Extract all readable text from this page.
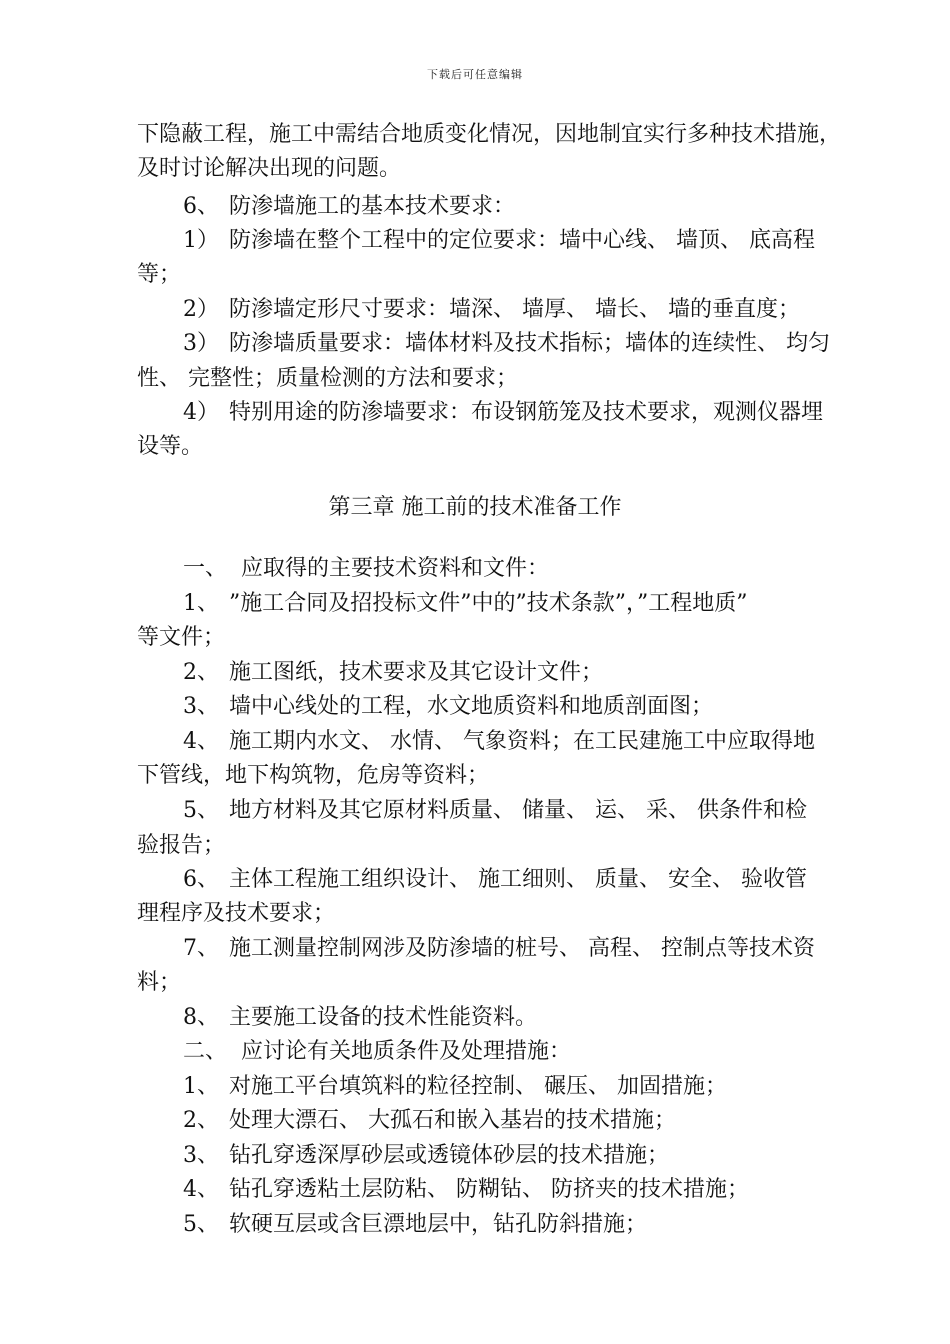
下载后可任意编辑
下隐蔽工程，施工中需结合地质变化情况，因地制宜实行多种技术措施，
及时讨论解决出现的问题。
6、 防渗墙施工的基本技术要求：
1） 防渗墙在整个工程中的定位要求：墙中心线、 墙顶、 底高程
等；
2） 防渗墙定形尺寸要求：墙深、 墙厚、 墙长、 墙的垂直度；
3） 防渗墙质量要求：墙体材料及技术指标；墙体的连续性、 均匀
性、 完整性；质量检测的方法和要求；
4） 特别用途的防渗墙要求：布设钢筋笼及技术要求，观测仪器埋
设等。
第三章 施工前的技术准备工作
一、 应取得的主要技术资料和文件：
1、 ”施工合同及招投标文件”中的”技术条款”，”工程地质”
等文件；
2、 施工图纸，技术要求及其它设计文件；
3、 墙中心线处的工程，水文地质资料和地质剖面图；
4、 施工期内水文、 水情、 气象资料；在工民建施工中应取得地
下管线，地下构筑物，危房等资料；
5、 地方材料及其它原材料质量、 储量、 运、 采、 供条件和检
验报告；
6、 主体工程施工组织设计、 施工细则、 质量、 安全、 验收管
理程序及技术要求；
7、 施工测量控制网涉及防渗墙的桩号、 高程、 控制点等技术资
料；
8、 主要施工设备的技术性能资料。
二、 应讨论有关地质条件及处理措施：
1、 对施工平台填筑料的粒径控制、 碾压、 加固措施；
2、 处理大漂石、 大孤石和嵌入基岩的技术措施；
3、 钻孔穿透深厚砂层或透镜体砂层的技术措施；
4、 钻孔穿透粘土层防粘、 防糊钻、 防挤夹的技术措施；
5、 软硬互层或含巨漂地层中，钻孔防斜措施；
